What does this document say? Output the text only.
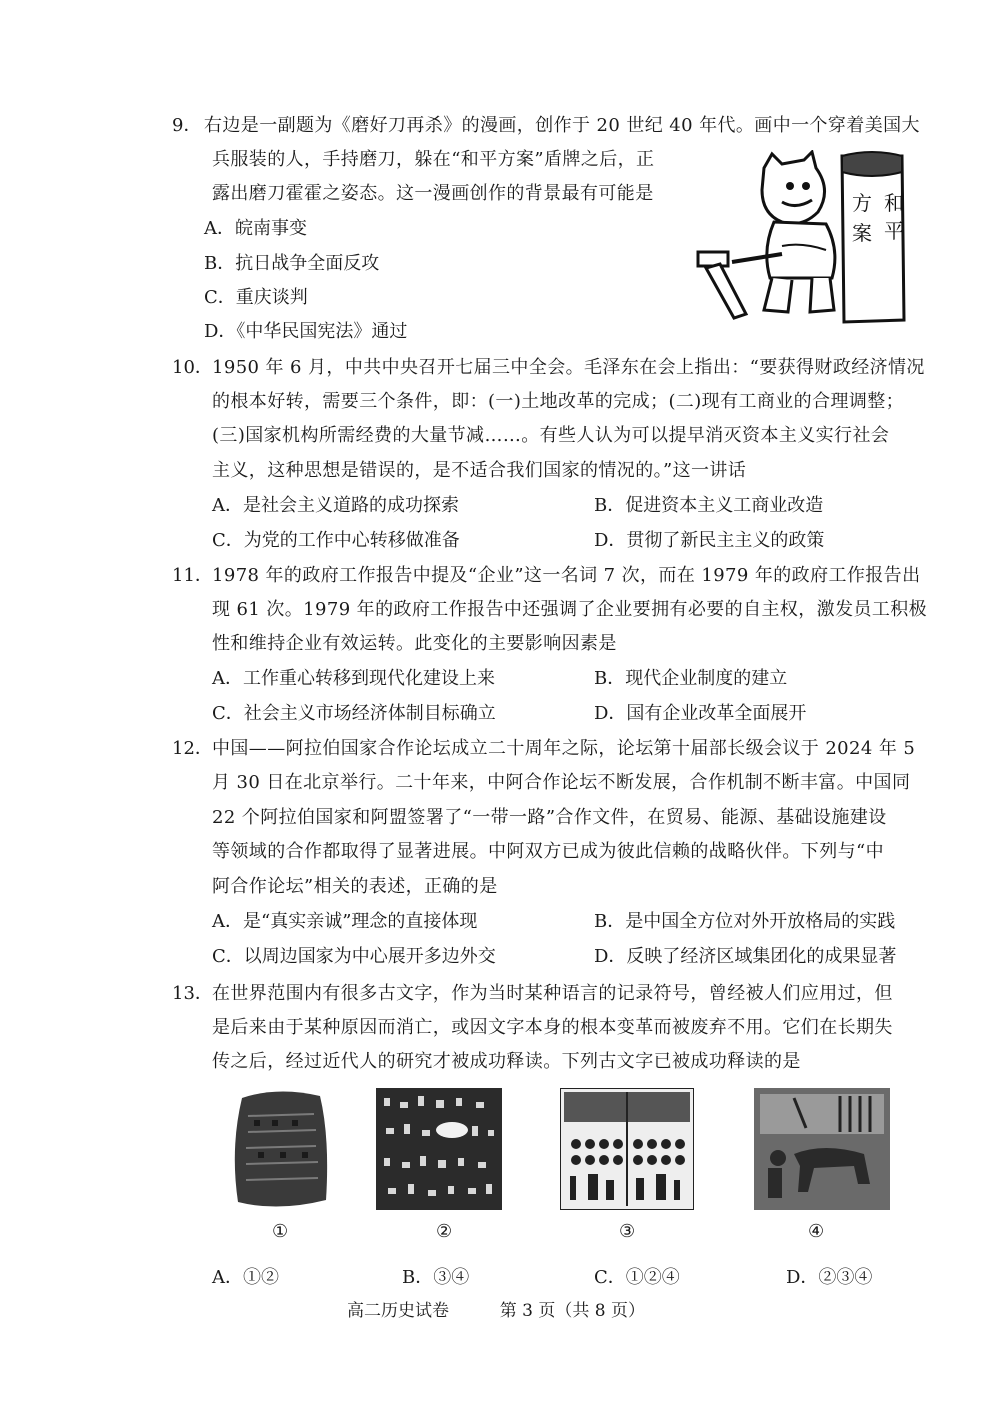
9． 右边是一副题为《磨好刀再杀》的漫画，创作于 20 世纪 40 年代。画中一个穿着美国大
兵服装的人，手持磨刀，躲在“和平方案”盾牌之后，正
露出磨刀霍霍之姿态。这一漫画创作的背景最有可能是
A．皖南事变
B．抗日战争全面反攻
C．重庆谈判
D．《中华民国宪法》通过
和
平
方
案
10． 1950 年 6 月，中共中央召开七届三中全会。毛泽东在会上指出：“要获得财政经济情况
的根本好转，需要三个条件，即：(一)土地改革的完成；(二)现有工商业的合理调整；
(三)国家机构所需经费的大量节减……。有些人认为可以提早消灭资本主义实行社会
主义，这种思想是错误的，是不适合我们国家的情况的。”这一讲话
A．是社会主义道路的成功探索	B．促进资本主义工商业改造
C．为党的工作中心转移做准备	D．贯彻了新民主主义的政策
11． 1978 年的政府工作报告中提及“企业”这一名词 7 次，而在 1979 年的政府工作报告出
现 61 次。1979 年的政府工作报告中还强调了企业要拥有必要的自主权，激发员工积极
性和维持企业有效运转。此变化的主要影响因素是
A．工作重心转移到现代化建设上来	B．现代企业制度的建立
C．社会主义市场经济体制目标确立	D．国有企业改革全面展开
12． 中国——阿拉伯国家合作论坛成立二十周年之际，论坛第十届部长级会议于 2024 年 5
月 30 日在北京举行。二十年来，中阿合作论坛不断发展，合作机制不断丰富。中国同
22 个阿拉伯国家和阿盟签署了“一带一路”合作文件，在贸易、能源、基础设施建设
等领域的合作都取得了显著进展。中阿双方已成为彼此信赖的战略伙伴。下列与“中
阿合作论坛”相关的表述，正确的是
A．是“真实亲诚”理念的直接体现	B．是中国全方位对外开放格局的实践
C．以周边国家为中心展开多边外交	D．反映了经济区域集团化的成果显著
13． 在世界范围内有很多古文字，作为当时某种语言的记录符号，曾经被人们应用过，但
是后来由于某种原因而消亡，或因文字本身的根本变革而被废弃不用。它们在长期失
传之后，经过近代人的研究才被成功释读。下列古文字已被成功释读的是
①	②	③	④
A．①②	B．③④	C．①②④	D．②③④
高二历史试卷	第 3 页（共 8 页）
